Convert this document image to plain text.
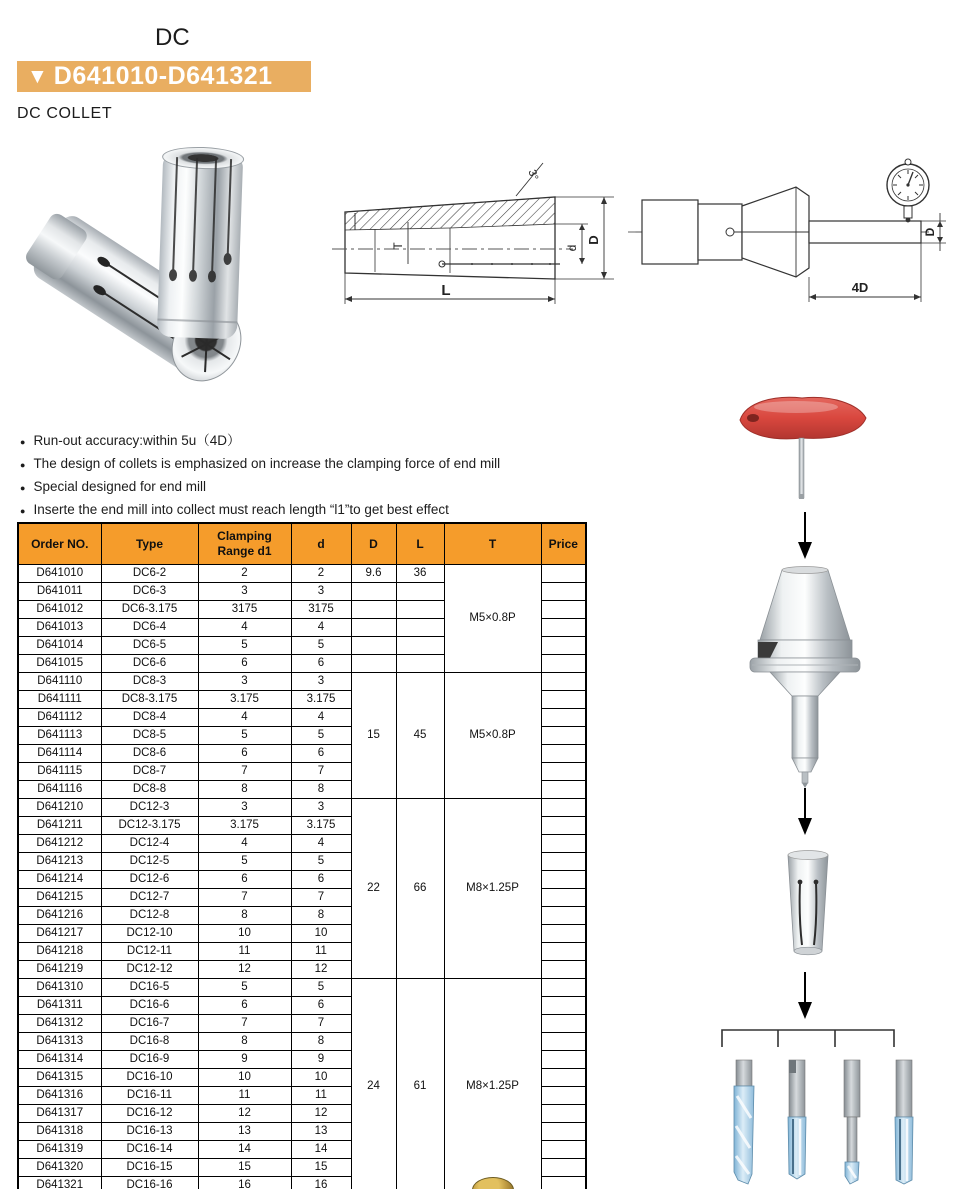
DC
▼ D641010-D641321
DC COLLET
T
3°
d
D
L
D
4D
● Run-out accuracy:within 5u（4D）
● The design of collets is emphasized on increase the clamping force of end mill
● Special designed for end mill
● Inserte the end mill into collect must reach length “l1”to get best effect
Order NO.	Type	Clamping Range d1	d	D	L	T	Price
D641010	DC6-2	2	2	9.6	36	M5×0.8P	
D641011	DC6-3	3	3				
D641012	DC6-3.175	3175	3175				
D641013	DC6-4	4	4				
D641014	DC6-5	5	5				
D641015	DC6-6	6	6				
D641110	DC8-3	3	3	15	45	M5×0.8P	
D641111	DC8-3.175	3.175	3.175				
D641112	DC8-4	4	4				
D641113	DC8-5	5	5				
D641114	DC8-6	6	6				
D641115	DC8-7	7	7				
D641116	DC8-8	8	8				
D641210	DC12-3	3	3	22	66	M8×1.25P	
D641211	DC12-3.175	3.175	3.175				
D641212	DC12-4	4	4				
D641213	DC12-5	5	5				
D641214	DC12-6	6	6				
D641215	DC12-7	7	7				
D641216	DC12-8	8	8				
D641217	DC12-10	10	10				
D641218	DC12-11	11	11				
D641219	DC12-12	12	12				
D641310	DC16-5	5	5	24	61	M8×1.25P	
D641311	DC16-6	6	6				
D641312	DC16-7	7	7				
D641313	DC16-8	8	8				
D641314	DC16-9	9	9				
D641315	DC16-10	10	10				
D641316	DC16-11	11	11				
D641317	DC16-12	12	12				
D641318	DC16-13	13	13				
D641319	DC16-14	14	14				
D641320	DC16-15	15	15				
D641321	DC16-16	16	16				
